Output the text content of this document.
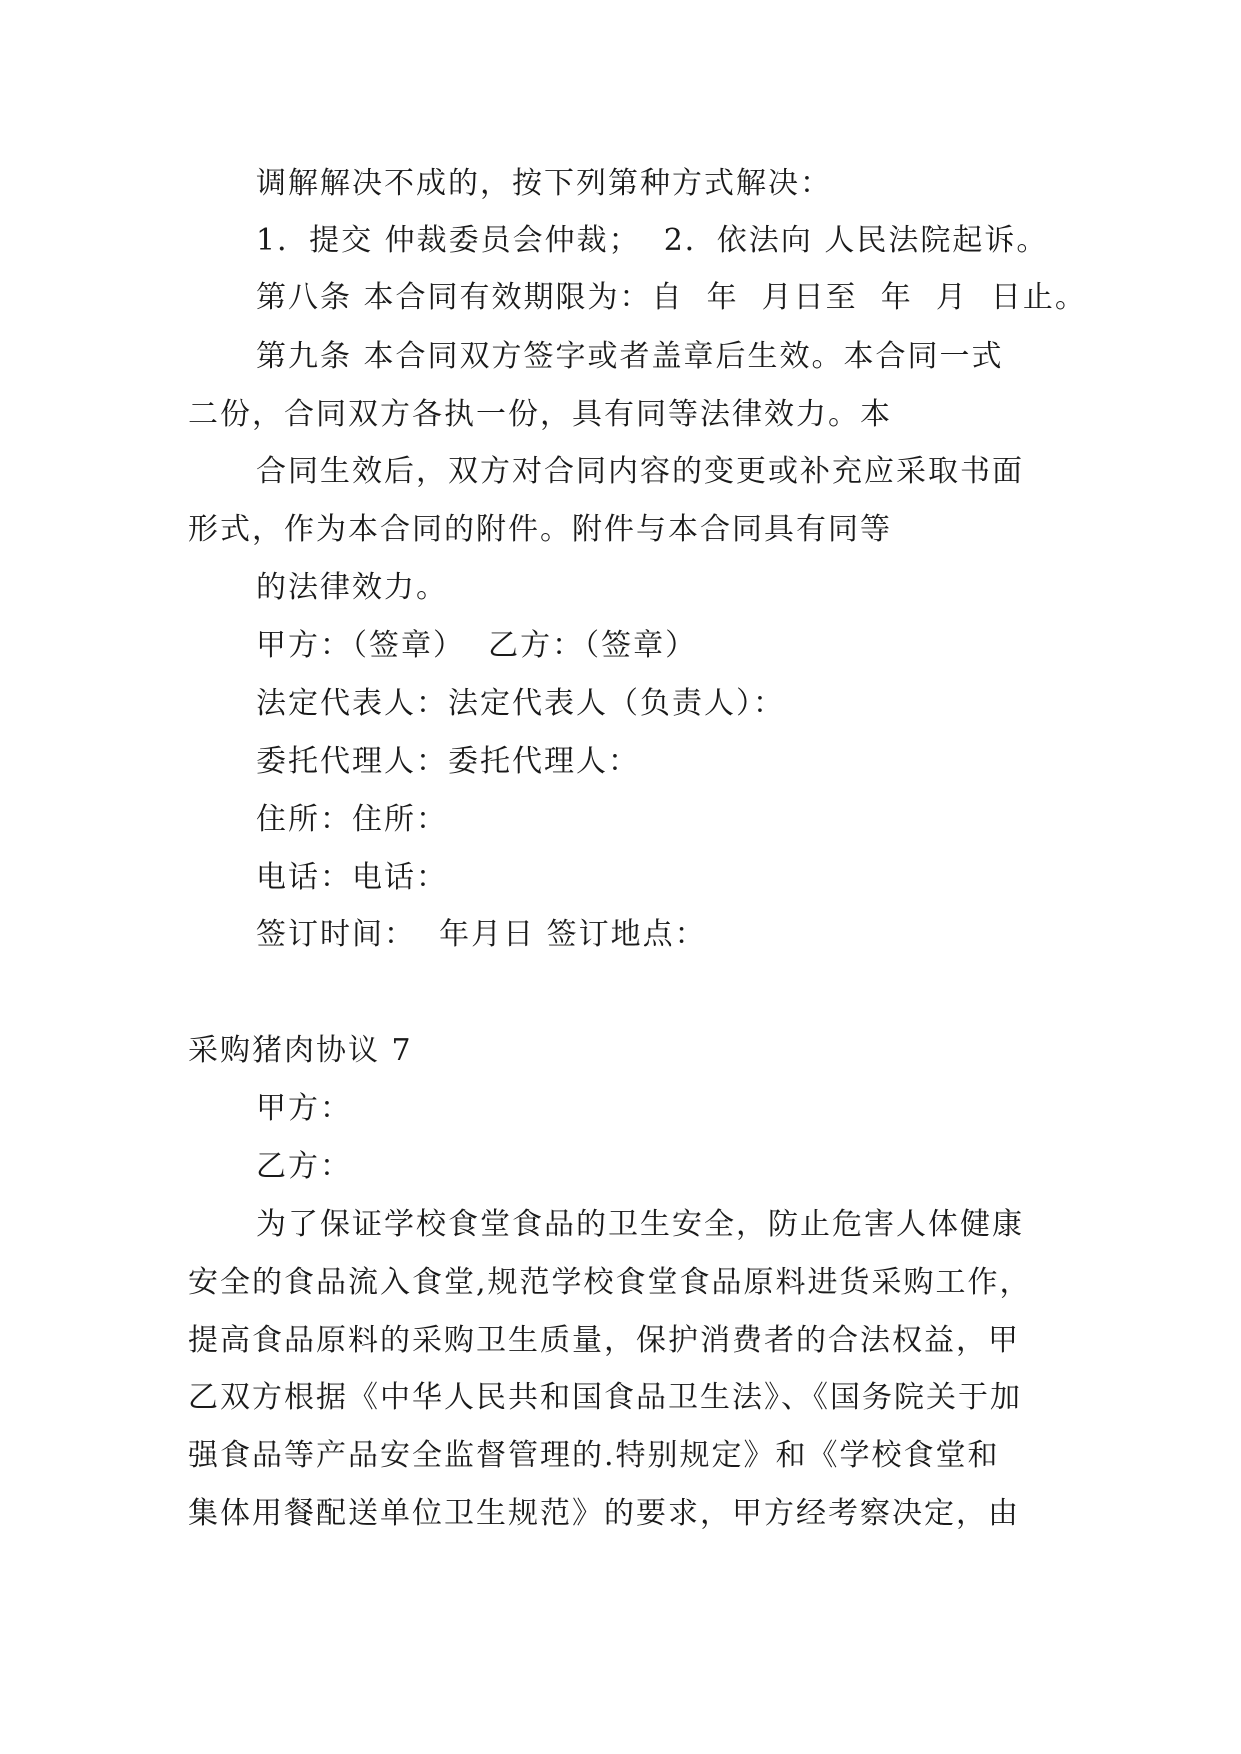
调解解决不成的，按下列第种方式解决：
1．提交 仲裁委员会仲裁；  2．依法向 人民法院起诉。
第八条 本合同有效期限为：自  年  月日至  年  月  日止。
第九条 本合同双方签字或者盖章后生效。本合同一式
二份，合同双方各执一份，具有同等法律效力。本
合同生效后，双方对合同内容的变更或补充应采取书面
形式，作为本合同的附件。附件与本合同具有同等
的法律效力。
甲方：（签章）  乙方：（签章）
法定代表人：法定代表人（负责人）：
委托代理人：委托代理人：
住所：住所：
电话：电话：
签订时间：  年月日 签订地点：
采购猪肉协议 7
甲方：
乙方：
为了保证学校食堂食品的卫生安全，防止危害人体健康
安全的食品流入食堂,规范学校食堂食品原料进货采购工作，
提高食品原料的采购卫生质量，保护消费者的合法权益，甲
乙双方根据《中华人民共和国食品卫生法》、《国务院关于加
强食品等产品安全监督管理的.特别规定》和《学校食堂和
集体用餐配送单位卫生规范》的要求，甲方经考察决定，由
